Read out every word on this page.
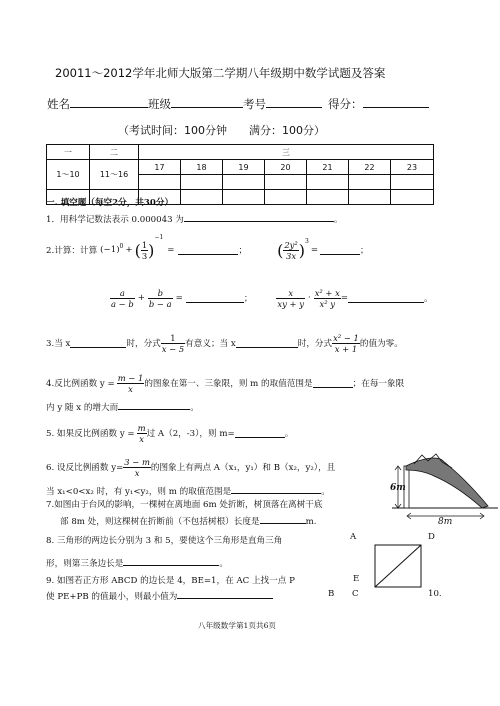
20011～2012学年北师大版第二学期八年级期中数学试题及答案
姓名	班级	考号	得分：
（考试时间：100分钟　　满分：100分）
一	二	三						
1～10	11～16	17	18	19	20	21	22	23

一. 填空题（每空2分，共30分）
1．用科学记数法表示 0.000043 为	。
2.计算：计算 $(-1)^0$ + ( $\frac{1}{3}$ )
$^{-1}$
=	； ( $\frac{\text{2y²}}{3x} )^3$
=	；
$\frac{a}{a - b} + \frac{b}{b - a}$ =	；	$\frac{x}{xy + y} \cdot \frac{\text{x² + x}}{\text{x² y}}$ =	。
3.当 x	时，分式 $\frac{1}{x - 5}$ 有意义；当 x	时，分式 $\frac{\text{x² − 1}}{x + 1}$ 的值为零。
4.反比例函数 $y = \frac{m - 1}{x}$ 的图象在第一、三象限，则 m 的取值范围是	；在每一象限
内 y 随 x 的增大而	。
5. 如果反比例函数 $y = \frac{m}{x}$ 过 A（2，-3），则 m=	。
6. 设反比例函数 $y= \frac{3 - m}{x}$ 的图象上有两点 A（x₁，y₁）和 B（x₂，y₂），且
当 x₁<0<x₂ 时，有 y₁<y₂，则 m 的取值范围是	。	6m
8m
7.如图由于台风的影响，一棵树在离地面 6m 处折断，树顶落在离树干底
部 8m 处，则这棵树在折断前（不包括树根）长度是	m.
A	D
8. 三角形的两边长分别为 3 和 5，要使这个三角形是直角三角
形，则第三条边长是	。
9. 如图若正方形 ABCD 的边长是 4，BE=1，在 AC 上找一点 P	E
使 PE+PB 的值最小，则最小值为	B C	10.
八年级数学第1页共6页
